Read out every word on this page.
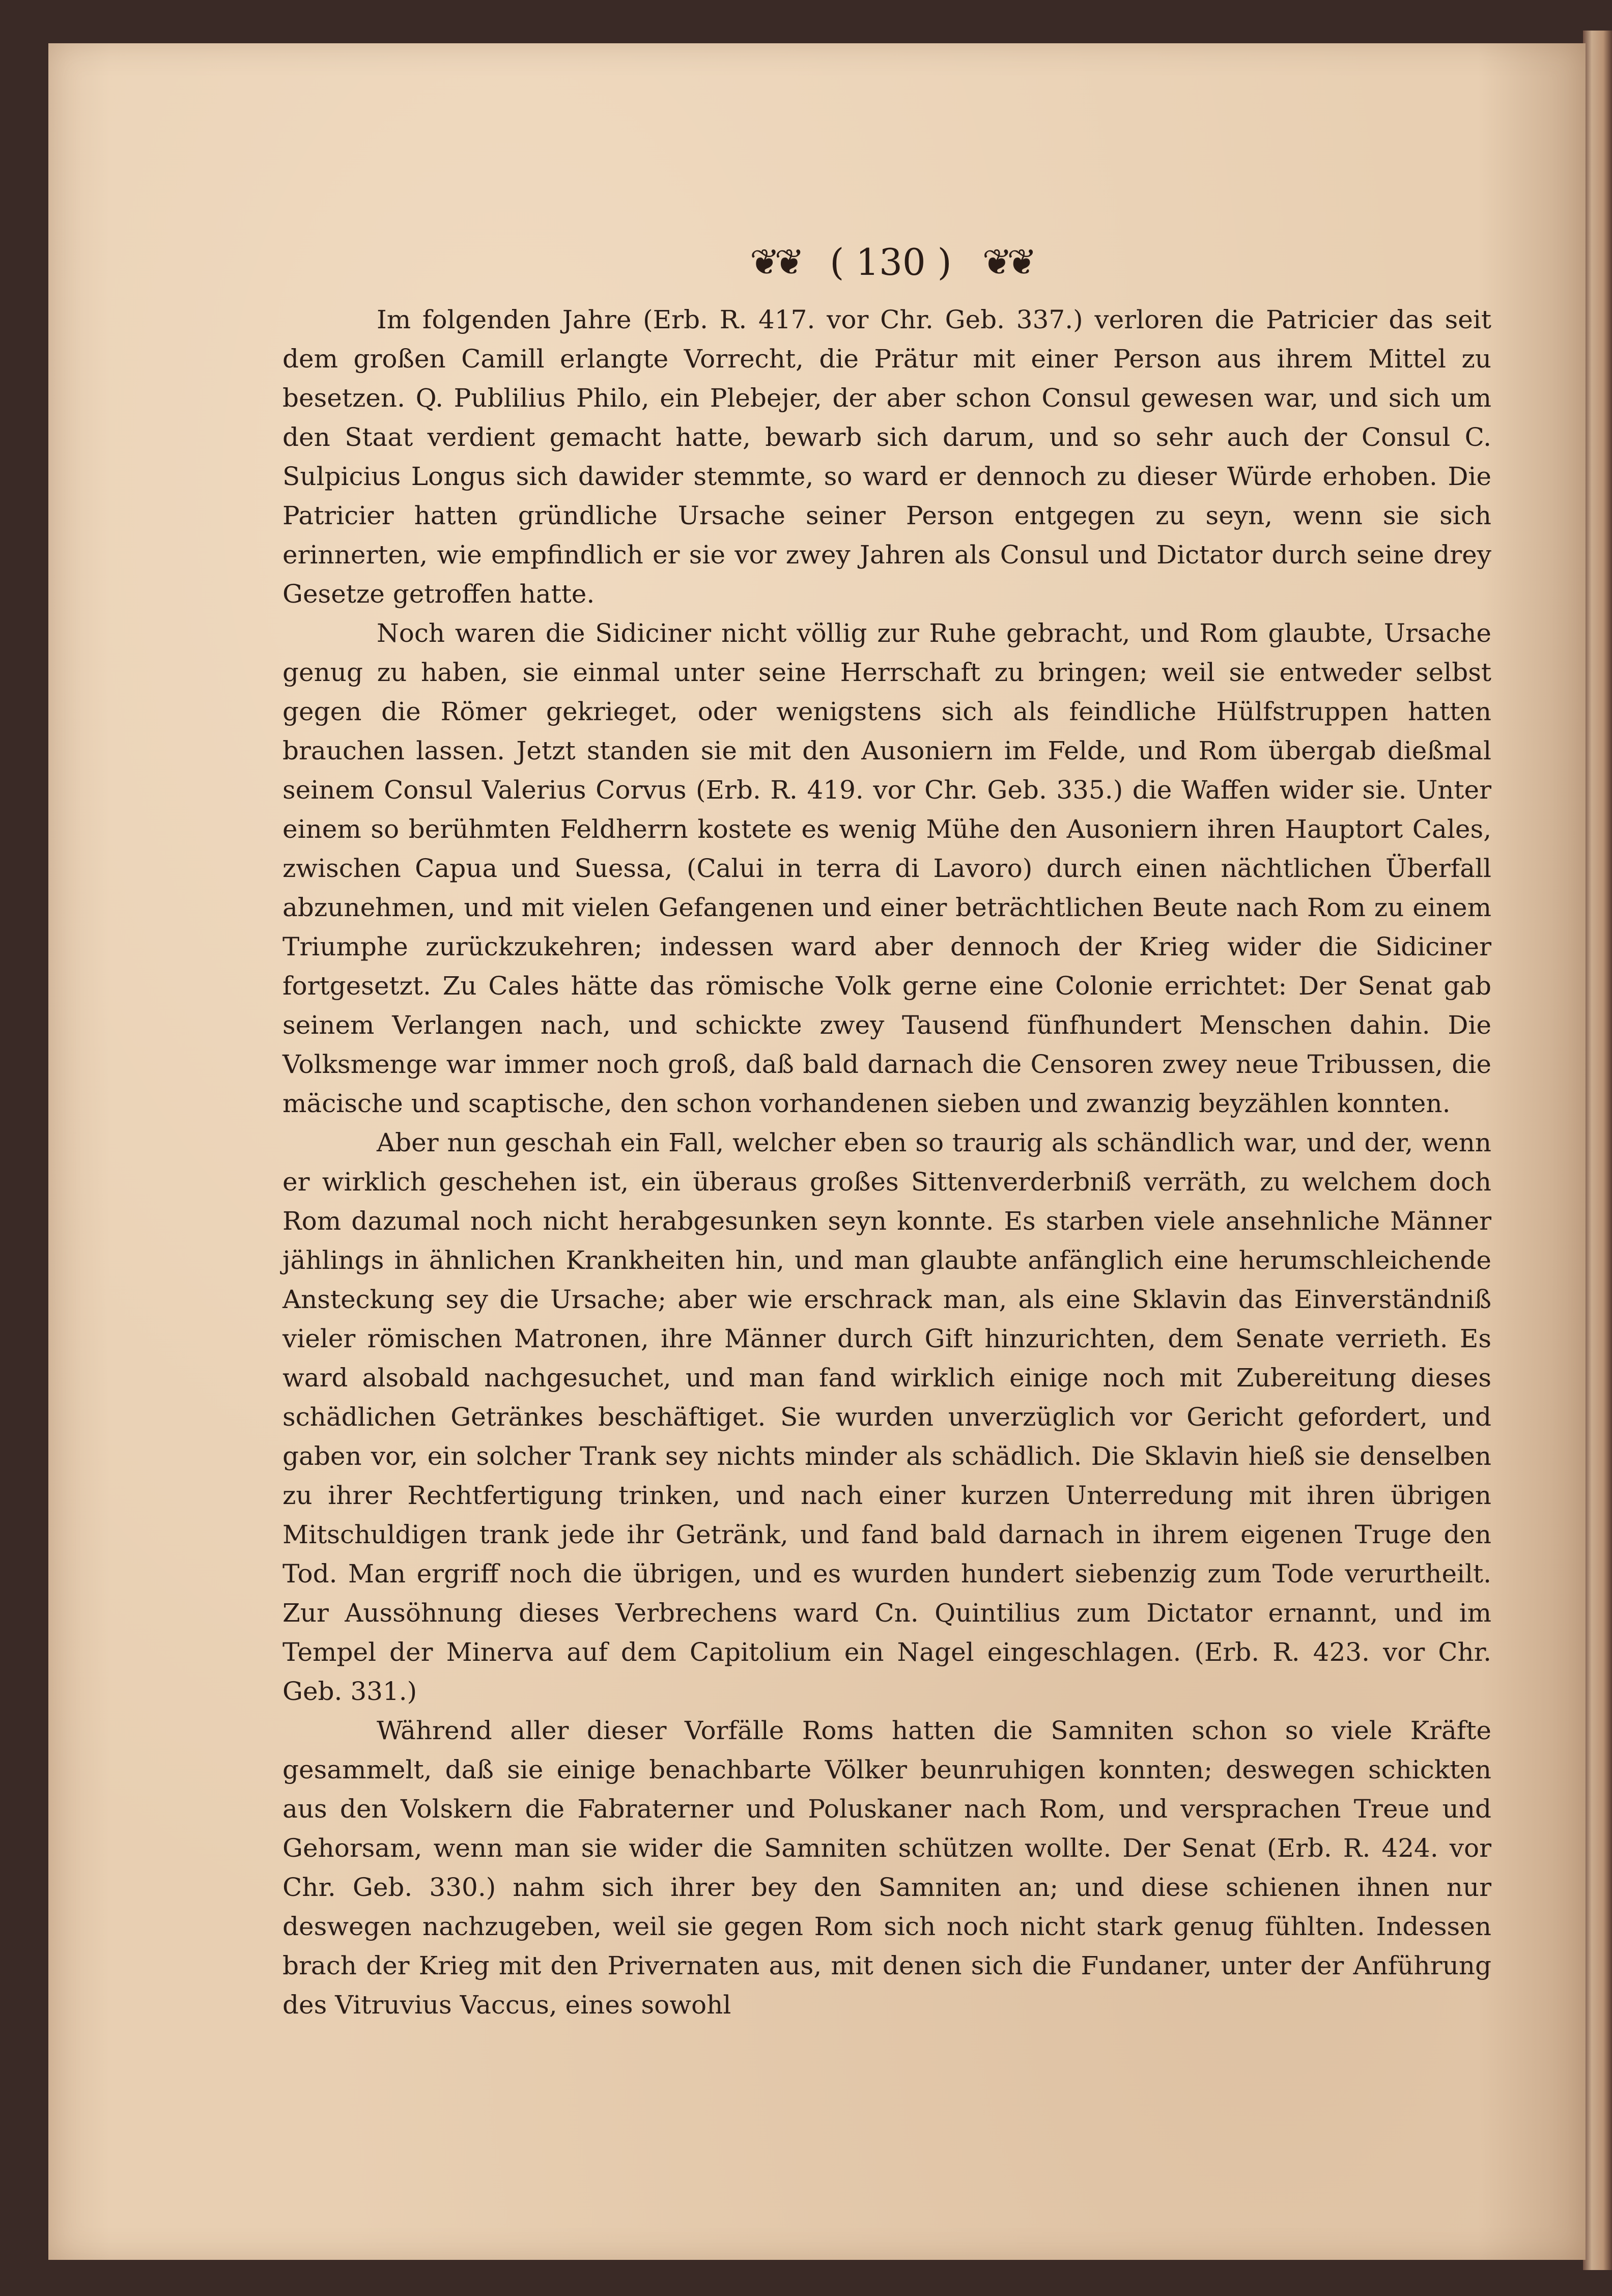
❦❦ ( 130 ) ❦❦

Im folgenden Jahre (Erb. R. 417. vor Chr. Geb. 337.) verloren die Patricier das seit dem großen Camill erlangte Vorrecht, die Prätur mit einer Person aus ihrem Mittel zu besetzen. Q. Publilius Philo, ein Plebejer, der aber schon Consul gewesen war, und sich um den Staat verdient gemacht hatte, bewarb sich darum, und so sehr auch der Consul C. Sulpicius Longus sich dawider stemmte, so ward er dennoch zu dieser Würde erhoben. Die Patricier hatten gründliche Ursache seiner Person entgegen zu seyn, wenn sie sich erinnerten, wie empfindlich er sie vor zwey Jahren als Consul und Dictator durch seine drey Gesetze getroffen hatte.

Noch waren die Sidiciner nicht völlig zur Ruhe gebracht, und Rom glaubte, Ursache genug zu haben, sie einmal unter seine Herrschaft zu bringen; weil sie entweder selbst gegen die Römer gekrieget, oder wenigstens sich als feindliche Hülfstruppen hatten brauchen lassen. Jetzt standen sie mit den Ausoniern im Felde, und Rom übergab dießmal seinem Consul Valerius Corvus (Erb. R. 419. vor Chr. Geb. 335.) die Waffen wider sie. Unter einem so berühmten Feldherrn kostete es wenig Mühe den Ausoniern ihren Hauptort Cales, zwischen Capua und Suessa, (Calui in terra di Lavoro) durch einen nächtlichen Überfall abzunehmen, und mit vielen Gefangenen und einer beträchtlichen Beute nach Rom zu einem Triumphe zurückzukehren; indessen ward aber dennoch der Krieg wider die Sidiciner fortgesetzt. Zu Cales hätte das römische Volk gerne eine Colonie errichtet: Der Senat gab seinem Verlangen nach, und schickte zwey Tausend fünfhundert Menschen dahin. Die Volksmenge war immer noch groß, daß bald darnach die Censoren zwey neue Tribussen, die mäcische und scaptische, den schon vorhandenen sieben und zwanzig beyzählen konnten.

Aber nun geschah ein Fall, welcher eben so traurig als schändlich war, und der, wenn er wirklich geschehen ist, ein überaus großes Sittenverderbniß verräth, zu welchem doch Rom dazumal noch nicht herabgesunken seyn konnte. Es starben viele ansehnliche Männer jählings in ähnlichen Krankheiten hin, und man glaubte anfänglich eine herumschleichende Ansteckung sey die Ursache; aber wie erschrack man, als eine Sklavin das Einverständniß vieler römischen Matronen, ihre Männer durch Gift hinzurichten, dem Senate verrieth. Es ward alsobald nachgesuchet, und man fand wirklich einige noch mit Zubereitung dieses schädlichen Getränkes beschäftiget. Sie wurden unverzüglich vor Gericht gefordert, und gaben vor, ein solcher Trank sey nichts minder als schädlich. Die Sklavin hieß sie denselben zu ihrer Rechtfertigung trinken, und nach einer kurzen Unterredung mit ihren übrigen Mitschuldigen trank jede ihr Getränk, und fand bald darnach in ihrem eigenen Truge den Tod. Man ergriff noch die übrigen, und es wurden hundert siebenzig zum Tode verurtheilt. Zur Aussöhnung dieses Verbrechens ward Cn. Quintilius zum Dictator ernannt, und im Tempel der Minerva auf dem Capitolium ein Nagel eingeschlagen. (Erb. R. 423. vor Chr. Geb. 331.)

Während aller dieser Vorfälle Roms hatten die Samniten schon so viele Kräfte gesammelt, daß sie einige benachbarte Völker beunruhigen konnten; deswegen schickten aus den Volskern die Fabraterner und Poluskaner nach Rom, und versprachen Treue und Gehorsam, wenn man sie wider die Samniten schützen wollte. Der Senat (Erb. R. 424. vor Chr. Geb. 330.) nahm sich ihrer bey den Samniten an; und diese schienen ihnen nur deswegen nachzugeben, weil sie gegen Rom sich noch nicht stark genug fühlten. Indessen brach der Krieg mit den Privernaten aus, mit denen sich die Fundaner, unter der Anführung des Vitruvius Vaccus, eines sowohl
